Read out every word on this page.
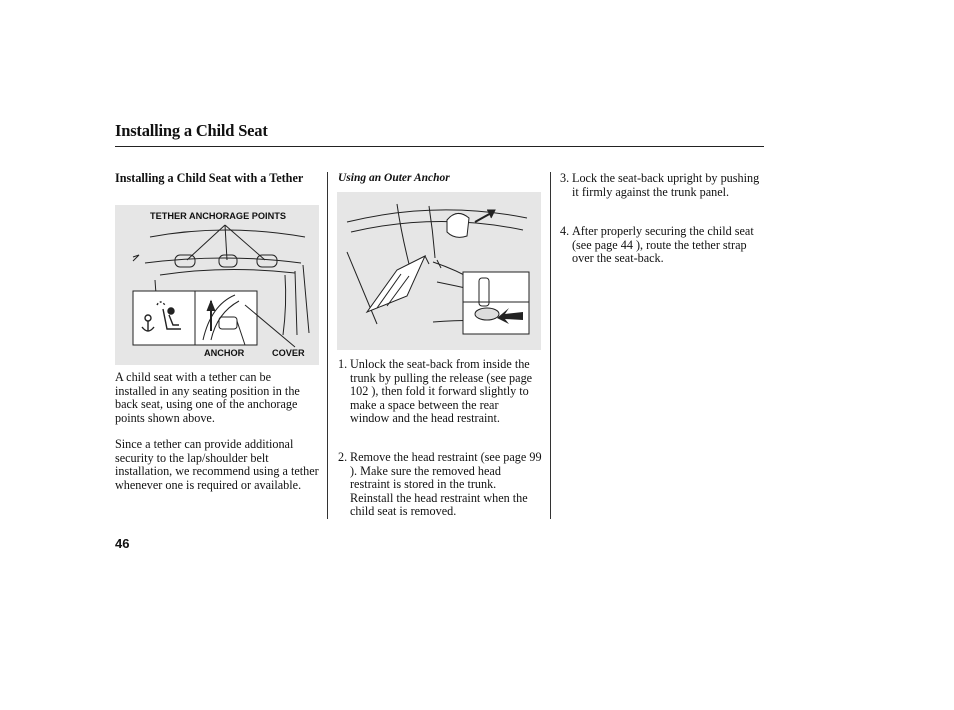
Installing a Child Seat

Installing a Child Seat with a Tether

TETHER ANCHORAGE POINTS
ANCHOR	COVER

A child seat with a tether can be installed in any seating position in the back seat, using one of the anchorage points shown above.

Since a tether can provide additional security to the lap/shoulder belt installation, we recommend using a tether whenever one is required or available.

Using an Outer Anchor
1. Unlock the seat-back from inside the trunk by pulling the release (see page 102 ), then fold it forward slightly to make a space between the rear window and the head restraint.
2. Remove the head restraint (see page 99 ). Make sure the removed head restraint is stored in the trunk. Reinstall the head restraint when the child seat is removed.
3. Lock the seat-back upright by pushing it firmly against the trunk panel.
4. After properly securing the child seat (see page 44 ), route the tether strap over the seat-back.
46
